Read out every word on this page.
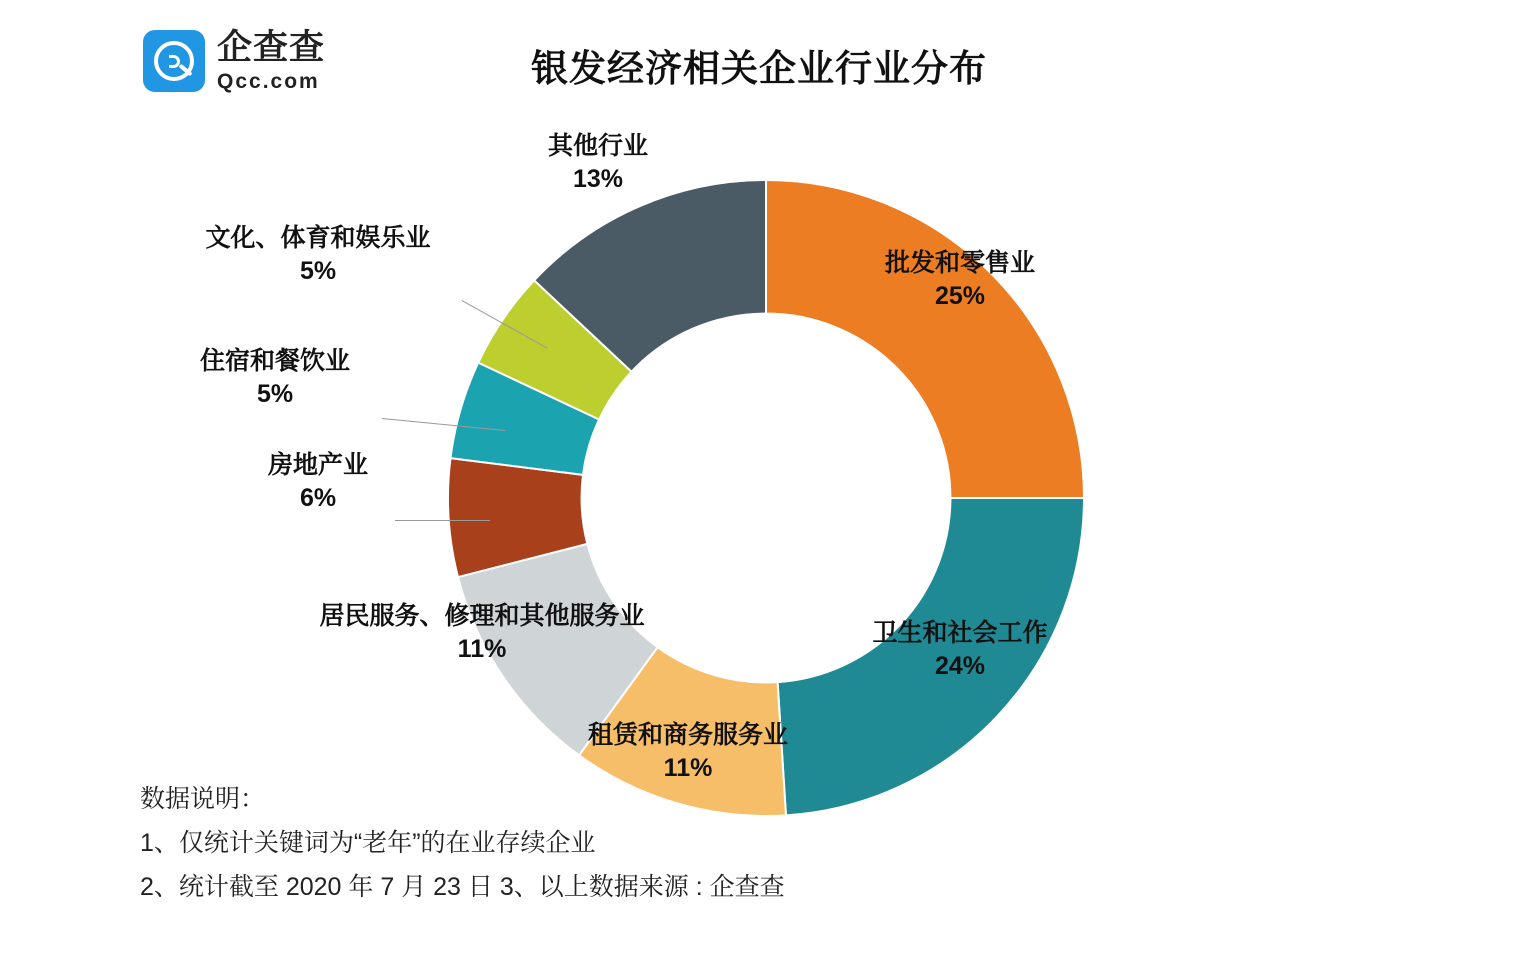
企查查
Qcc.com	银发经济相关企业行业分布
批发和零售业
25%
卫生和社会工作
24%
租赁和商务服务业
11%
居民服务、修理和其他服务业
11%
房地产业
6%
住宿和餐饮业
5%
文化、体育和娱乐业
5%
其他行业
13%
数据说明：
1、仅统计关键词为“老年”的在业存续企业
2、统计截至 2020 年 7 月 23 日 3、以上数据来源 : 企查查
